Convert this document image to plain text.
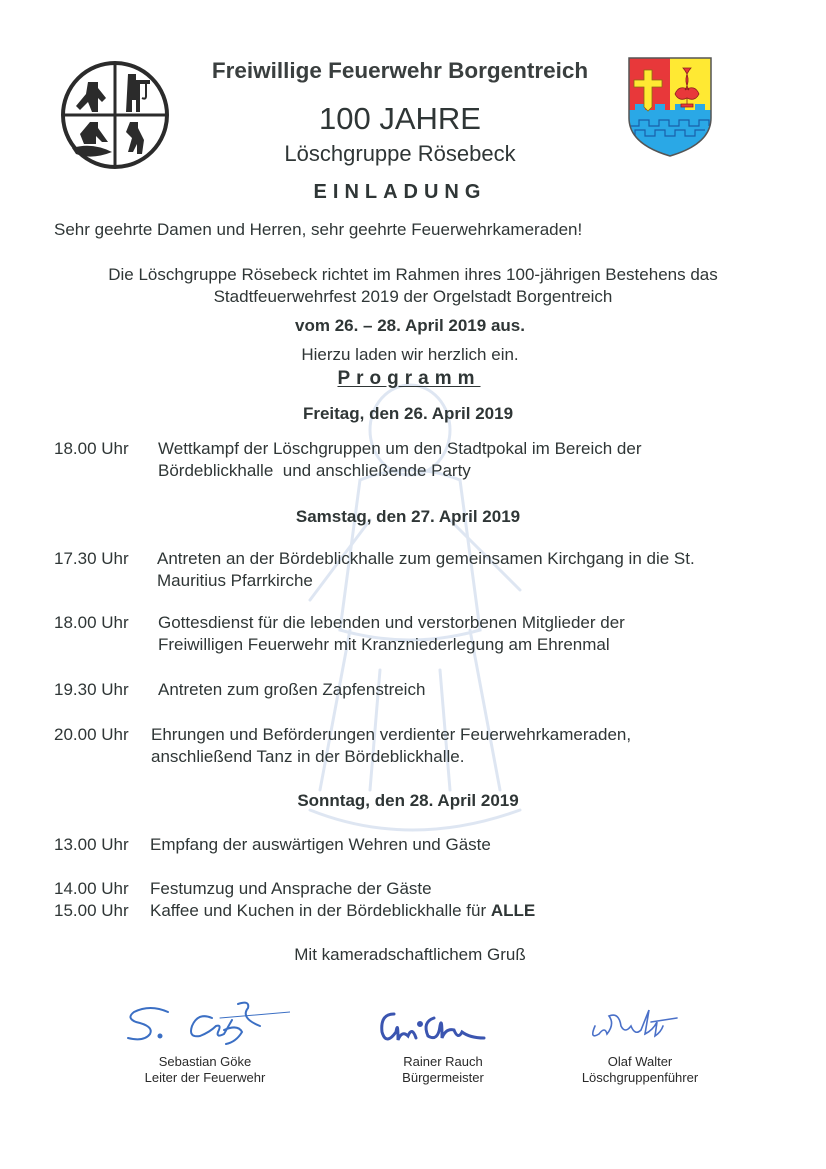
Freiwillige Feuerwehr Borgentreich
100 JAHRE
Löschgruppe Rösebeck
EINLADUNG
Sehr geehrte Damen und Herren, sehr geehrte Feuerwehrkameraden!
Die Löschgruppe Rösebeck richtet im Rahmen ihres 100-jährigen Bestehens das
Stadtfeuerwehrfest 2019 der Orgelstadt Borgentreich
vom 26. – 28. April 2019 aus.
Hierzu laden wir herzlich ein.
Programm
Freitag, den 26. April 2019
18.00 Uhr	Wettkampf der Löschgruppen um den Stadtpokal im Bereich der
Bördeblickhalle  und anschließende Party
Samstag, den 27. April 2019
17.30 Uhr	Antreten an der Bördeblickhalle zum gemeinsamen Kirchgang in die St.
Mauritius Pfarrkirche
18.00 Uhr	Gottesdienst für die lebenden und verstorbenen Mitglieder der
Freiwilligen Feuerwehr mit Kranzniederlegung am Ehrenmal
19.30 Uhr	Antreten zum großen Zapfenstreich
20.00 Uhr	Ehrungen und Beförderungen verdienter Feuerwehrkameraden,
anschließend Tanz in der Bördeblickhalle.
Sonntag, den 28. April 2019
13.00 Uhr	Empfang der auswärtigen Wehren und Gäste
14.00 Uhr	Festumzug und Ansprache der Gäste
15.00 Uhr	Kaffee und Kuchen in der Bördeblickhalle für ALLE
Mit kameradschaftlichem Gruß
Sebastian Göke
Leiter der Feuerwehr
Rainer Rauch
Bürgermeister
Olaf Walter
Löschgruppenführer
